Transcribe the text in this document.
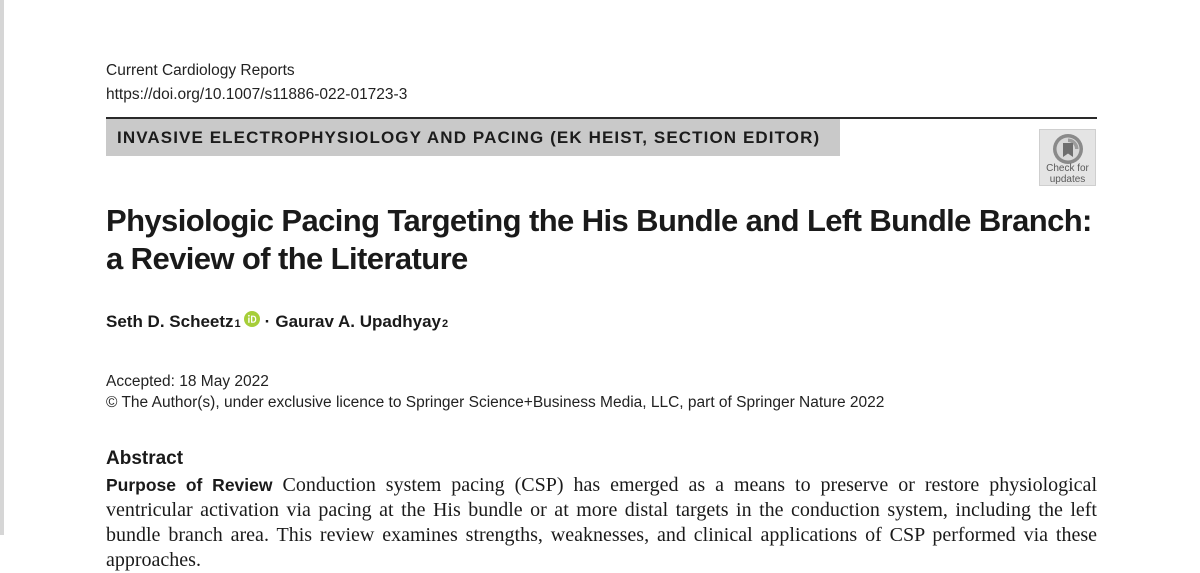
Current Cardiology Reports
https://doi.org/10.1007/s11886-022-01723-3
INVASIVE ELECTROPHYSIOLOGY AND PACING (EK HEIST, SECTION EDITOR)
Check for
updates
Physiologic Pacing Targeting the His Bundle and Left Bundle Branch: a Review of the Literature
Seth D. Scheetz 1 · Gaurav A. Upadhyay 2
Accepted: 18 May 2022
© The Author(s), under exclusive licence to Springer Science+Business Media, LLC, part of Springer Nature 2022
Abstract

Purpose of Review Conduction system pacing (CSP) has emerged as a means to preserve or restore physiological ventricular activation via pacing at the His bundle or at more distal targets in the conduction system, including the left bundle branch area. This review examines strengths, weaknesses, and clinical applications of CSP performed via these approaches.
